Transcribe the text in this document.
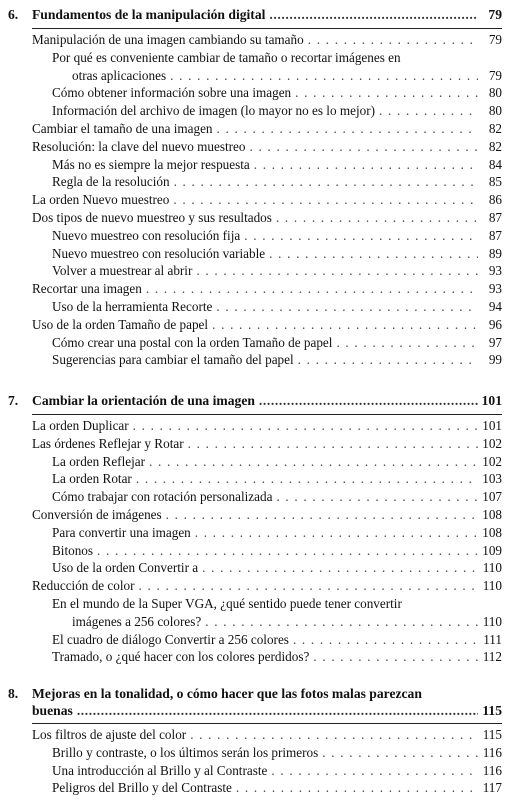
6.	Fundamentos de la manipulación digital .....	79
Manipulación de una imagen cambiando su tamaño . . .	79
Por qué es conveniente cambiar de tamaño o recortar imágenes en
otras aplicaciones . . .	79
Cómo obtener información sobre una imagen . . .	80
Información del archivo de imagen (lo mayor no es lo mejor) . . .	80
Cambiar el tamaño de una imagen . . .	82
Resolución: la clave del nuevo muestreo . . .	82
Más no es siempre la mejor respuesta . . .	84
Regla de la resolución . . .	85
La orden Nuevo muestreo . . .	86
Dos tipos de nuevo muestreo y sus resultados . . .	87
Nuevo muestreo con resolución fija . . .	87
Nuevo muestreo con resolución variable . . .	89
Volver a muestrear al abrir . . .	93
Recortar una imagen . . .	93
Uso de la herramienta Recorte . . .	94
Uso de la orden Tamaño de papel . . .	96
Cómo crear una postal con la orden Tamaño de papel . . .	97
Sugerencias para cambiar el tamaño del papel . . .	99
7.	Cambiar la orientación de una imagen .....	101
La orden Duplicar . . .	101
Las órdenes Reflejar y Rotar . . .	102
La orden Reflejar . . .	102
La orden Rotar . . .	103
Cómo trabajar con rotación personalizada . . .	107
Conversión de imágenes . . .	108
Para convertir una imagen . . .	108
Bitonos . . .	109
Uso de la orden Convertir a . . .	110
Reducción de color . . .	110
En el mundo de la Super VGA, ¿qué sentido puede tener convertir
imágenes a 256 colores? . . .	110
El cuadro de diálogo Convertir a 256 colores . . .	111
Tramado, o ¿qué hacer con los colores perdidos? . . .	112
8.	Mejoras en la tonalidad, o cómo hacer que las fotos malas parezcan
buenas .....	115
Los filtros de ajuste del color . . .	115
Brillo y contraste, o los últimos serán los primeros . . .	116
Una introducción al Brillo y al Contraste . . .	116
Peligros del Brillo y del Contraste . . .	117
